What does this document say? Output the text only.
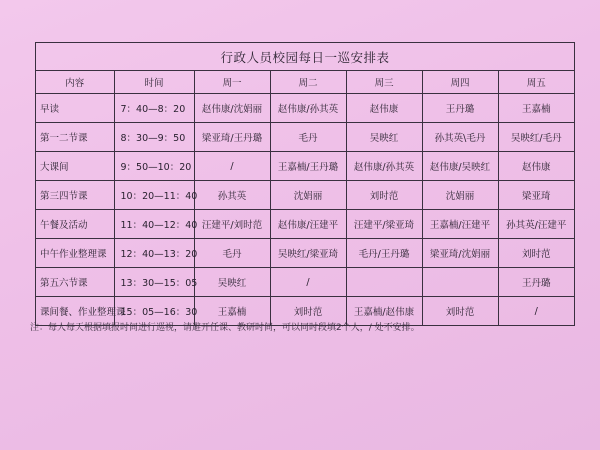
行政人员校园每日一巡安排表
内容	时间	周一	周二	周三	周四	周五
早读	7：40—8：20	赵伟康/沈娟丽	赵伟康/孙其英	赵伟康	王丹璐	王嘉楠
第一二节课	8：30—9：50	梁亚琦/王丹璐	毛丹	吴映红	孙其英\毛丹	吴映红/毛丹
大课间	9：50—10：20	/	王嘉楠/王丹璐	赵伟康/孙其英	赵伟康/吴映红	赵伟康
第三四节课	10：20—11：40	孙其英	沈娟丽	刘时范	沈娟丽	梁亚琦
午餐及活动	11：40—12：40	汪建平/刘时范	赵伟康/汪建平	汪建平/梁亚琦	王嘉楠/汪建平	孙其英/汪建平
中午作业整理课	12：40—13：20	毛丹	吴映红/梁亚琦	毛丹/王丹璐	梁亚琦/沈娟丽	刘时范
第五六节课	13：30—15：05	吴映红	/			王丹璐
课间餐、作业整理课	15：05—16：30	王嘉楠	刘时范	王嘉楠/赵伟康	刘时范	/
注：每人每天根据填报时间进行巡视，请避开任课、教研时间，可以同时段填2个人，/ 处不安排。
